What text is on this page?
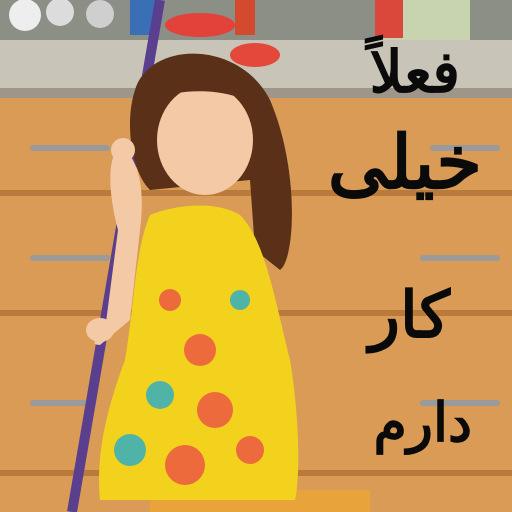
فعلاً
خیلی
کار
دارم
